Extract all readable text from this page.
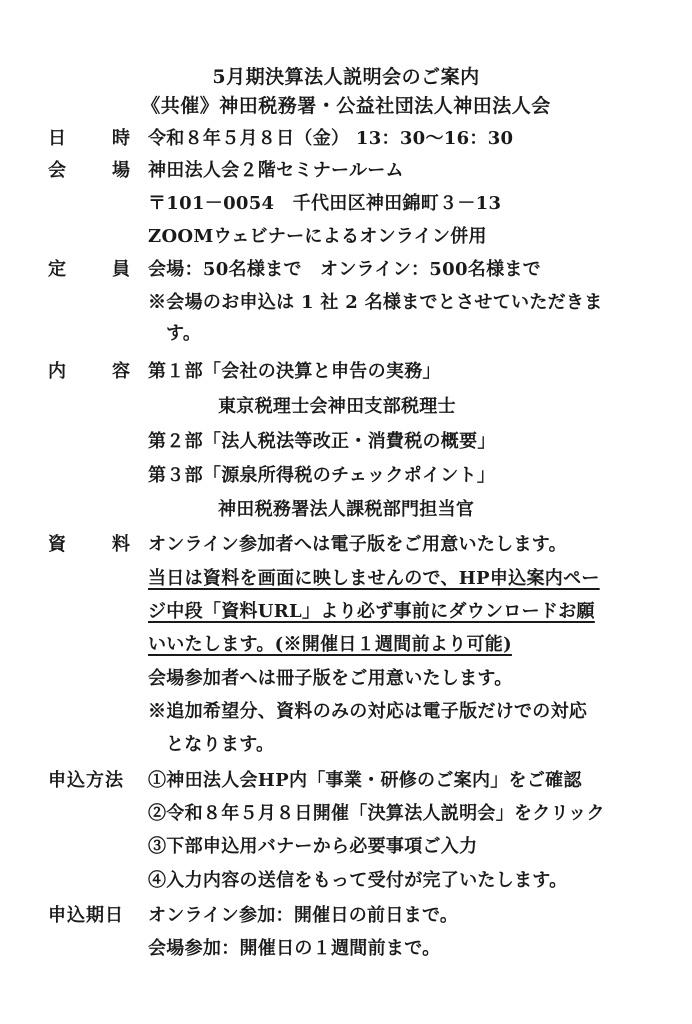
5月期決算法人説明会のご案内
《共催》神田税務署・公益社団法人神田法人会
日	時 令和８年５月８日（金） 13：30～16：30
会	場 神田法人会２階セミナールーム
〒101－0054　千代田区神田錦町３－13
ZOOMウェビナーによるオンライン併用
定	員 会場：50名様まで　オンライン：500名様まで
※会場のお申込は 1 社 2 名様までとさせていただきま
す。
内	容 第１部「会社の決算と申告の実務」
東京税理士会神田支部税理士
第２部「法人税法等改正・消費税の概要」
第３部「源泉所得税のチェックポイント」
神田税務署法人課税部門担当官
資	料 オンライン参加者へは電子版をご用意いたします。
当日は資料を画面に映しませんので、HP申込案内ペー
ジ中段「資料URL」より必ず事前にダウンロードお願
いいたします。(※開催日１週間前より可能)
会場参加者へは冊子版をご用意いたします。
※追加希望分、資料のみの対応は電子版だけでの対応
となります。
申込方法	①神田法人会HP内「事業・研修のご案内」をご確認
②令和８年５月８日開催「決算法人説明会」をクリック
③下部申込用バナーから必要事項ご入力
④入力内容の送信をもって受付が完了いたします。
申込期日	オンライン参加：開催日の前日まで。
会場参加：開催日の１週間前まで。
